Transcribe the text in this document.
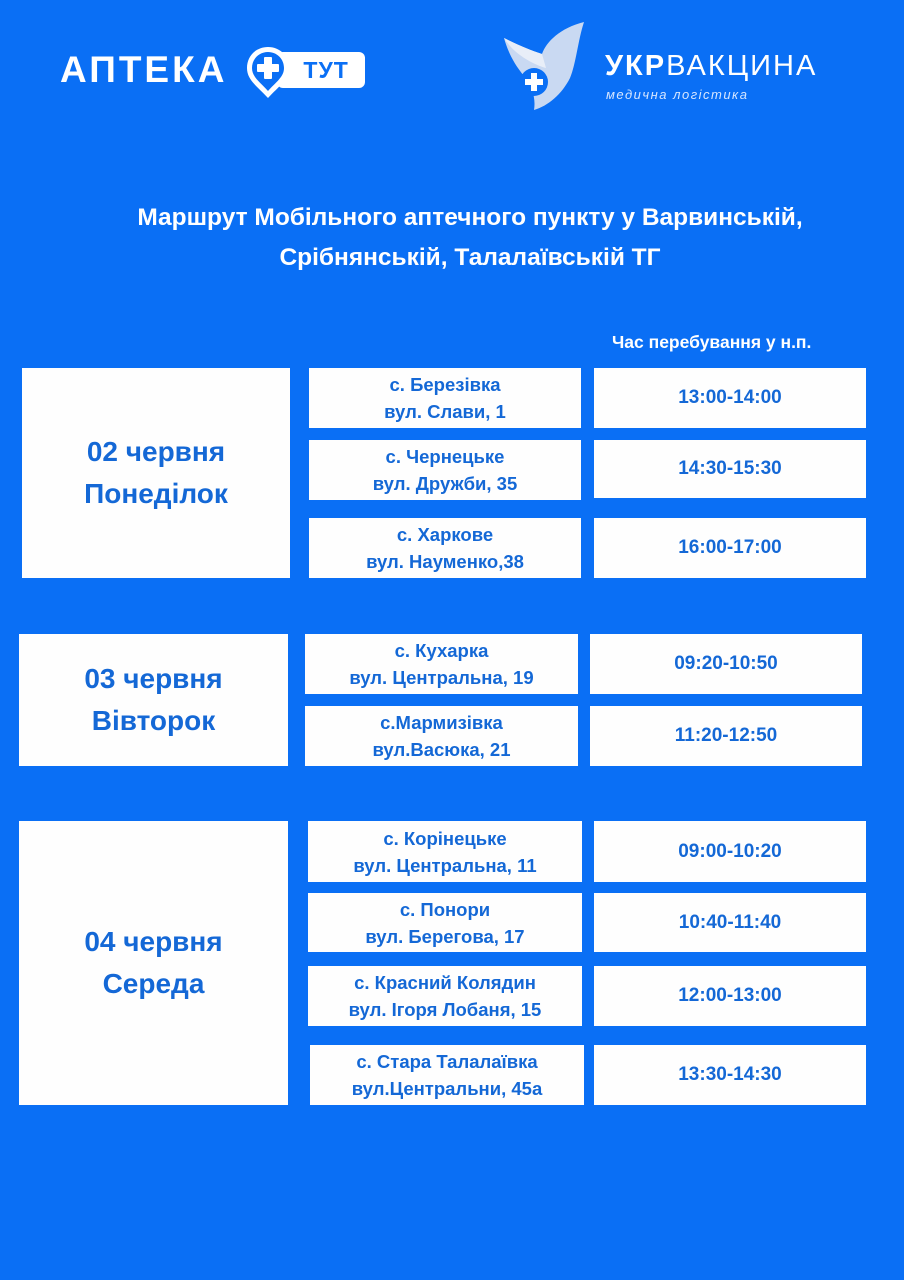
АПТЕКА	ТУТ	УКРВАКЦИНА
медична логістика
Маршрут Мобільного аптечного пункту у Варвинській,
Срібнянській, Талалаївській ТГ
Час перебування у н.п.
02 червня
Понеділок
с. Березівка
вул. Слави, 1
13:00-14:00
с. Чернецьке
вул. Дружби, 35
14:30-15:30
с. Харкове
вул. Науменко,38
16:00-17:00
03 червня
Вівторок
с. Кухарка
вул. Центральна, 19
09:20-10:50
с.Мармизівка
вул.Васюка, 21
11:20-12:50
04 червня
Середа
с. Корінецьке
вул. Центральна, 11
09:00-10:20
с. Понори
вул. Берегова, 17
10:40-11:40
с. Красний Колядин
вул. Ігоря Лобаня, 15
12:00-13:00
с. Стара Талалаївка
вул.Центральни, 45а
13:30-14:30
